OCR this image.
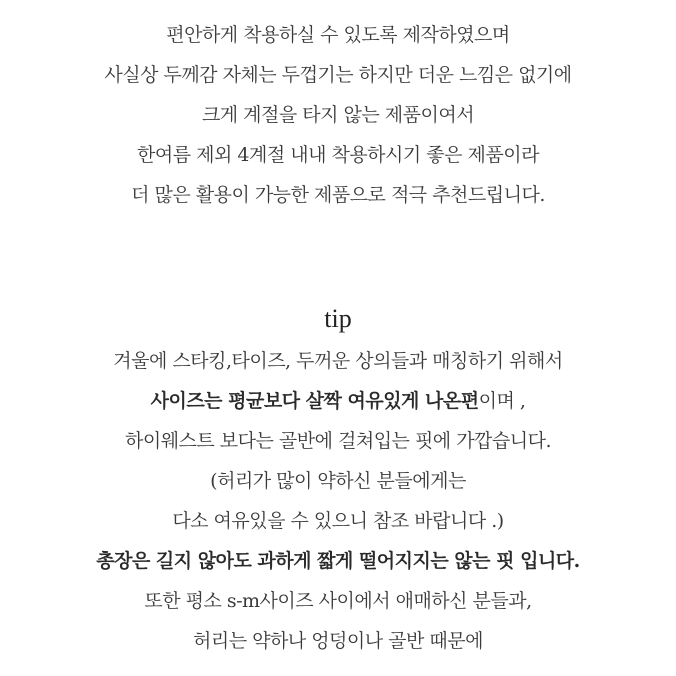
편안하게 착용하실 수 있도록 제작하였으며
사실상 두께감 자체는 두껍기는 하지만 더운 느낌은 없기에
크게 계절을 타지 않는 제품이여서
한여름 제외 4계절 내내 착용하시기 좋은 제품이라
더 많은 활용이 가능한 제품으로 적극 추천드립니다.
tip
겨울에 스타킹,타이즈, 두꺼운 상의들과 매칭하기 위해서
사이즈는 평균보다 살짝 여유있게 나온편이며 ,
하이웨스트 보다는 골반에 걸쳐입는 핏에 가깝습니다.
(허리가 많이 약하신 분들에게는
다소 여유있을 수 있으니 참조 바랍니다 .)
총장은 길지 않아도 과하게 짧게 떨어지지는 않는 핏 입니다.
또한 평소 s-m사이즈 사이에서 애매하신 분들과,
허리는 약하나 엉덩이나 골반 때문에
